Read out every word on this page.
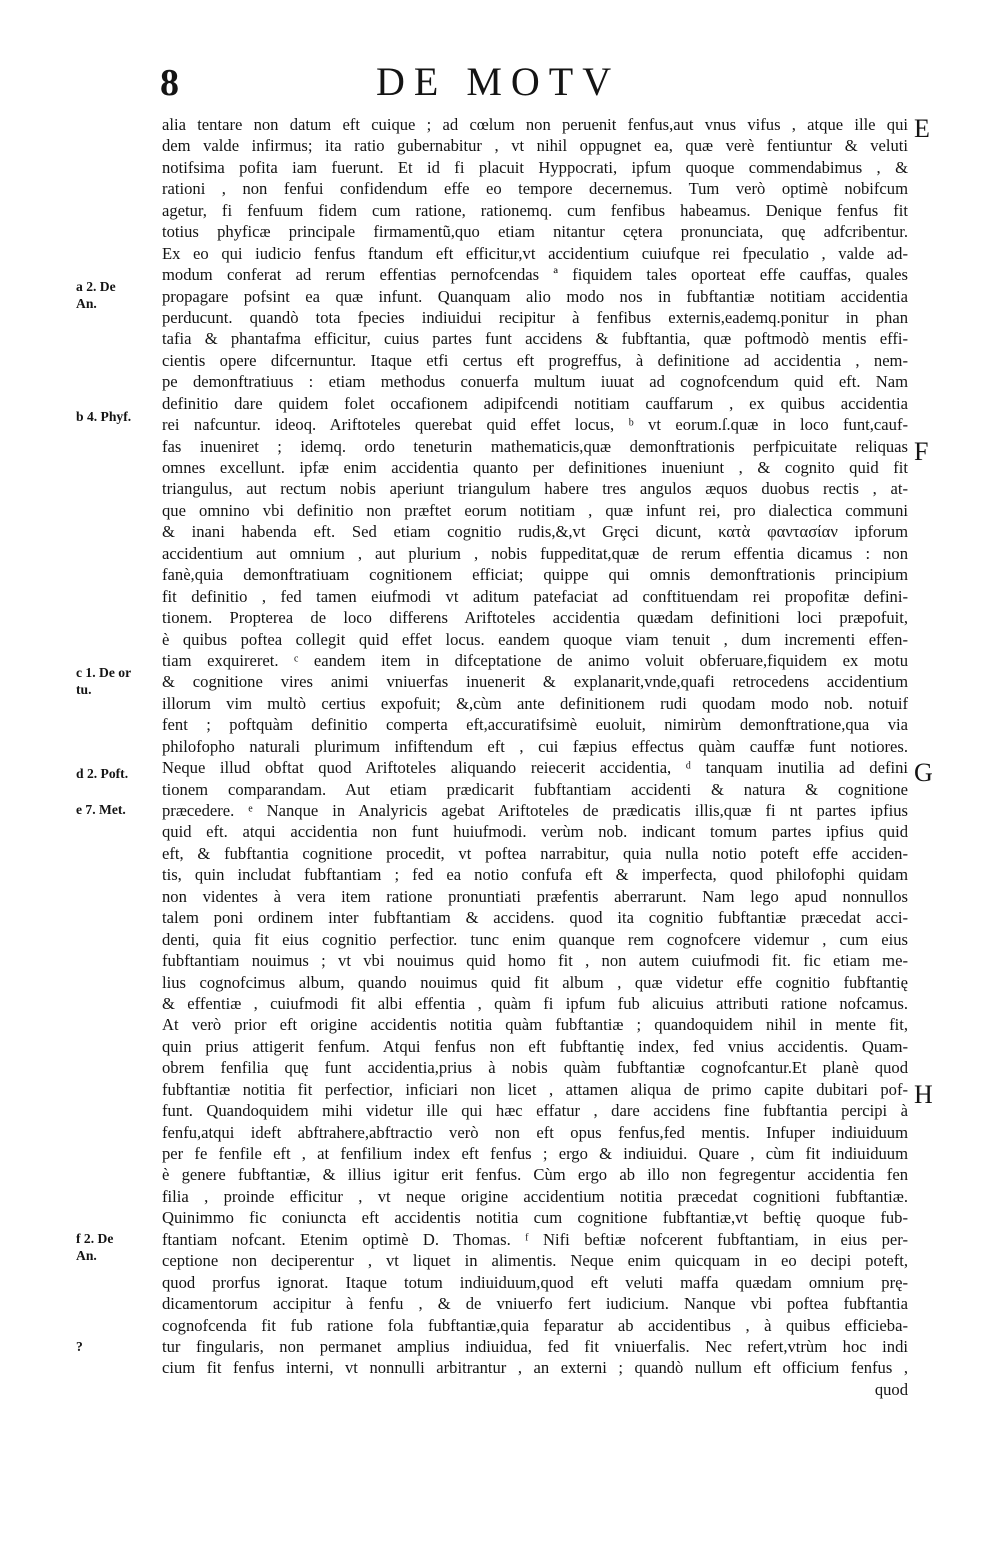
8	DE MOTV
E
F
G
H
a 2. De
An.
b 4. Phyf.
c 1. De or
tu.
d 2. Poft.
e 7. Met.
f 2. De
An.
?
alia tentare non datum eft cuique ; ad cœlum non peruenit fenfus,aut vnus vifus , atque ille qui
dem valde infirmus; ita ratio gubernabitur , vt nihil oppugnet ea, quæ verè fentiuntur & veluti
notifsima pofita iam fuerunt. Et id fi placuit Hyppocrati, ipfum quoque commendabimus , &
rationi , non fenfui confidendum effe eo tempore decernemus. Tum verò optimè nobifcum
agetur, fi fenfuum fidem cum ratione, rationemq. cum fenfibus habeamus. Denique fenfus fit
totius phyficæ principale firmamentũ,quo etiam nitantur cętera pronunciata, quę adfcribentur.
Ex eo qui iudicio fenfus ftandum eft efficitur,vt accidentium cuiufque rei fpeculatio , valde ad-
modum conferat ad rerum effentias pernofcendas ª fiquidem tales oporteat effe cauffas, quales
propagare pofsint ea quæ infunt. Quanquam alio modo nos in fubftantiæ notitiam accidentia
perducunt. quandò tota fpecies indiuidui recipitur à fenfibus externis,eademq.ponitur in phan
tafia & phantafma efficitur, cuius partes funt accidens & fubftantia, quæ poftmodò mentis effi-
cientis opere difcernuntur. Itaque etfi certus eft progreffus, à definitione ad accidentia , nem-
pe demonftratiuus : etiam methodus conuerfa multum iuuat ad cognofcendum quid eft. Nam
definitio dare quidem folet occafionem adipifcendi notitiam cauffarum , ex quibus accidentia
rei nafcuntur. ideoq. Ariftoteles querebat quid effet locus, ᵇ vt eorum.ſ.quæ in loco funt,cauf-
fas inueniret ; idemq. ordo teneturin mathematicis,quæ demonftrationis perfpicuitate reliquas
omnes excellunt. ipfæ enim accidentia quanto per definitiones inueniunt , & cognito quid fit
triangulus, aut rectum nobis aperiunt triangulum habere tres angulos æquos duobus rectis , at-
que omnino vbi definitio non præftet eorum notitiam , quæ infunt rei, pro dialectica communi
& inani habenda eft. Sed etiam cognitio rudis,&,vt Grȩci dicunt, κατὰ φαντασίαν ipforum
accidentium aut omnium , aut plurium , nobis fuppeditat,quæ de rerum effentia dicamus : non
fanè,quia demonftratiuam cognitionem efficiat; quippe qui omnis demonftrationis principium
fit definitio , fed tamen eiufmodi vt aditum patefaciat ad conftituendam rei propofitæ defini-
tionem. Propterea de loco differens Ariftoteles accidentia quædam definitioni loci præpofuit,
è quibus poftea collegit quid effet locus. eandem quoque viam tenuit , dum incrementi effen-
tiam exquireret. ᶜ eandem item in difceptatione de animo voluit obferuare,fiquidem ex motu
& cognitione vires animi vniuerfas inuenerit & explanarit,vnde,quafi retrocedens accidentium
illorum vim multò certius expofuit; &,cùm ante definitionem rudi quodam modo nob. notuif
fent ; poftquàm definitio comperta eft,accuratifsimè euoluit, nimirùm demonftratione,qua via
philofopho naturali plurimum infiftendum eft , cui fæpius effectus quàm cauffæ funt notiores.
Neque illud obftat quod Ariftoteles aliquando reiecerit accidentia, ᵈ tanquam inutilia ad defini
tionem comparandam. Aut etiam prædicarit fubftantiam accidenti & natura & cognitione
præcedere. ᵉ Nanque in Analyricis agebat Ariftoteles de prædicatis illis,quæ fi nt partes ipfius
quid eft. atqui accidentia non funt huiufmodi. verùm nob. indicant tomum partes ipfius quid
eft, & fubftantia cognitione procedit, vt poftea narrabitur, quia nulla notio poteft effe acciden-
tis, quin includat fubftantiam ; fed ea notio confufa eft & imperfecta, quod philofophi quidam
non videntes à vera item ratione pronuntiati præfentis aberrarunt. Nam lego apud nonnullos
talem poni ordinem inter fubftantiam & accidens. quod ita cognitio fubftantiæ præcedat acci-
denti, quia fit eius cognitio perfectior. tunc enim quanque rem cognofcere videmur , cum eius
fubftantiam nouimus ; vt vbi nouimus quid homo fit , non autem cuiufmodi fit. fic etiam me-
lius cognofcimus album, quando nouimus quid fit album , quæ videtur effe cognitio fubftantię
& effentiæ , cuiufmodi fit albi effentia , quàm fi ipfum fub alicuius attributi ratione nofcamus.
At verò prior eft origine accidentis notitia quàm fubftantiæ ; quandoquidem nihil in mente fit,
quin prius attigerit fenfum. Atqui fenfus non eft fubftantię index, fed vnius accidentis. Quam-
obrem fenfilia quę funt accidentia,prius à nobis quàm fubftantiæ cognofcantur.Et planè quod
fubftantiæ notitia fit perfectior, inficiari non licet , attamen aliqua de primo capite dubitari pof-
funt. Quandoquidem mihi videtur ille qui hæc effatur , dare accidens fine fubftantia percipi à
fenfu,atqui ideft abftrahere,abftractio verò non eft opus fenfus,fed mentis. Infuper indiuiduum
per fe fenfile eft , at fenfilium index eft fenfus ; ergo & indiuidui. Quare , cùm fit indiuiduum
è genere fubftantiæ, & illius igitur erit fenfus. Cùm ergo ab illo non fegregentur accidentia fen
filia , proinde efficitur , vt neque origine accidentium notitia præcedat cognitioni fubftantiæ.
Quinimmo fic coniuncta eft accidentis notitia cum cognitione fubftantiæ,vt beftię quoque fub-
ftantiam nofcant. Etenim optimè D. Thomas. ᶠ Nifi beftiæ nofcerent fubftantiam, in eius per-
ceptione non deciperentur , vt liquet in alimentis. Neque enim quicquam in eo decipi poteft,
quod prorfus ignorat. Itaque totum indiuiduum,quod eft veluti maffa quædam omnium prę-
dicamentorum accipitur à fenfu , & de vniuerfo fert iudicium. Nanque vbi poftea fubftantia
cognofcenda fit fub ratione fola fubftantiæ,quia feparatur ab accidentibus , à quibus efficieba-
tur fingularis, non permanet amplius indiuidua, fed fit vniuerfalis. Nec refert,vtrùm hoc indi
cium fit fenfus interni, vt nonnulli arbitrantur , an externi ; quandò nullum eft officium fenfus ,
quod
